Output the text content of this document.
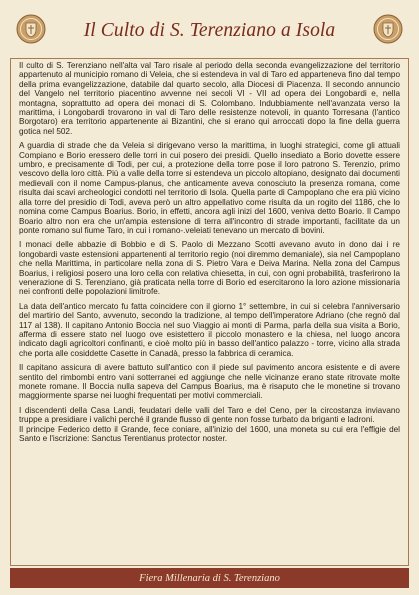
Il Culto di S. Terenziano a Isola

Il culto di S. Terenziano nell'alta val Taro risale al periodo della seconda evangelizzazione del territorio appartenuto al municipio romano di Veleia, che si estendeva in val di Taro ed apparteneva fino dal tempo della prima evangelizzazione, databile dal quarto secolo, alla Diocesi di Piacenza. Il secondo annuncio del Vangelo nel territorio piacentino avvenne nei secoli VI - VII ad opera dei Longobardi e, nella montagna, soprattutto ad opera dei monaci di S. Colombano. Indubbiamente nell'avanzata verso la marittima, i Longobardi trovarono in val di Taro delle resistenze notevoli, in quanto Torresana (l'antico Borgotaro) era territorio appartenente ai Bizantini, che si erano qui arroccati dopo la fine della guerra gotica nel 502.

A guardia di strade che da Veleia si dirigevano verso la marittima, in luoghi strategici, come gli attuali Compiano e Borio eressero delle torri in cui posero dei presidi. Quello insediato a Borio dovette essere umbro, e precisamente di Todi, per cui, a protezione della torre pose il loro patrono S. Terenzio, primo vescovo della loro città. Più a valle della torre si estendeva un piccolo altopiano, designato dai documenti medievali con il nome Campus-planus, che anticamente aveva conosciuto la presenza romana, come risulta dai scavi archeologici condotti nel territorio di Isola. Quella parte di Campoplano che era più vicino alla torre del presidio di Todi, aveva però un altro appellativo come risulta da un rogito del 1186, che lo nomina come Campus Boarius. Borio, in effetti, ancora agli inizi del 1600, veniva detto Boario. Il Campo Boario altro non era che un'ampia estensione di terra all'incontro di strade importanti, facilitate da un ponte romano sul fiume Taro, in cui i romano-.veleiati tenevano un mercato di bovini.

I monaci delle abbazie di Bobbio e di S. Paolo di Mezzano Scotti avevano avuto in dono dai i re longobardi vaste estensioni appartenenti al territorio regio (noi diremmo demaniale), sia nel Campoplano che nella Marittima, in particolare nella zona di S. Pietro Vara e Deiva Marina. Nella zona del Campus Boarius, i religiosi posero una loro cella con relativa chiesetta, in cui, con ogni probabilità, trasferirono la venerazione di S. Terenziano, già praticata nella torre di Borio ed esercitarono la loro azione missionaria nei confronti delle popolazioni limitrofe.

La data dell'antico mercato fu fatta coincidere con il giorno 1° settembre, in cui si celebra l'anniversario del martirio del Santo, avvenuto, secondo la tradizione, al tempo dell'imperatore Adriano (che regnò dal 117 al 138). Il capitano Antonio Boccia nel suo Viaggio ai monti di Parma, parla della sua visita a Borio, afferma di essere stato nel luogo ove esistettero il piccolo monastero e la chiesa, nel luogo ancora indicato dagli agricoltori confinanti, e cioè molto più in basso dell'antico palazzo - torre, vicino alla strada che porta alle cosiddette Casette in Canadà, presso la fabbrica di ceramica.

Il capitano assicura di avere battuto sull'antico con il piede sul pavimento ancora esistente e di avere sentito del rimbombi entro vani sotterranei ed aggiunge che nelle vicinanze erano state ritrovate molte monete romane. Il Boccia nulla sapeva del Campus Boarius, ma è risaputo che le monetine si trovano maggiormente sparse nei luoghi frequentati per motivi commerciali.

I discendenti della Casa Landi, feudatari delle valli del Taro e del Ceno, per la circostanza inviavano truppe a presidiare i valichi perché il grande flusso di gente non fosse turbato da briganti e ladroni.
Il principe Federico detto il Grande, fece coniare, all'inizio del 1600, una moneta su cui era l'effigie del Santo e l'iscrizione: Sanctus Terentianus protector noster.

Fiera Millenaria di S. Terenziano
